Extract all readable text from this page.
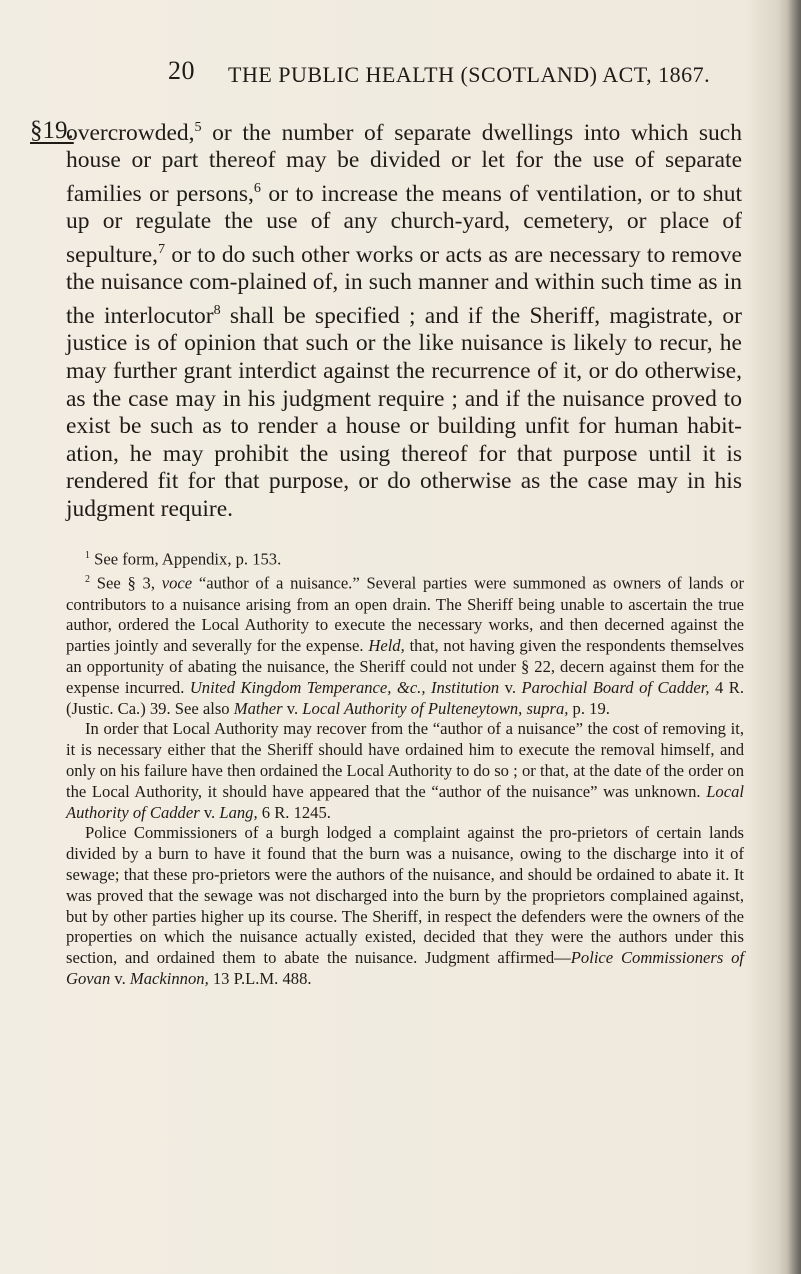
20 THE PUBLIC HEALTH (SCOTLAND) ACT, 1867.
§19.

overcrowded,$^5$ or the number of separate dwellings into which such house or part thereof may be divided or let for the use of separate families or persons,$^6$ or to increase the means of ventilation, or to shut up or regulate the use of any church-yard, cemetery, or place of sepulture,$^7$ or to do such other works or acts as are necessary to remove the nuisance com-plained of, in such manner and within such time as in the interlocutor$^8$ shall be specified ; and if the Sheriff, magistrate, or justice is of opinion that such or the like nuisance is likely to recur, he may further grant interdict against the recurrence of it, or do otherwise, as the case may in his judgment require ; and if the nuisance proved to exist be such as to render a house or building unfit for human habit-ation, he may prohibit the using thereof for that purpose until it is rendered fit for that purpose, or do otherwise as the case may in his judgment require.

$^1$ See form, Appendix, p. 153.

$^2$ See § 3, voce “author of a nuisance.” Several parties were summoned as owners of lands or contributors to a nuisance arising from an open drain. The Sheriff being unable to ascertain the true author, ordered the Local Authority to execute the necessary works, and then decerned against the parties jointly and severally for the expense. Held, that, not having given the respondents themselves an opportunity of abating the nuisance, the Sheriff could not under § 22, decern against them for the expense incurred. United Kingdom Temperance, &c., Institution v. Parochial Board of Cadder, 4 R. (Justic. Ca.) 39. See also Mather v. Local Authority of Pulteneytown, supra, p. 19.

In order that Local Authority may recover from the “author of a nuisance” the cost of removing it, it is necessary either that the Sheriff should have ordained him to execute the removal himself, and only on his failure have then ordained the Local Authority to do so ; or that, at the date of the order on the Local Authority, it should have appeared that the “author of the nuisance” was unknown. Local Authority of Cadder v. Lang, 6 R. 1245.

Police Commissioners of a burgh lodged a complaint against the pro-prietors of certain lands divided by a burn to have it found that the burn was a nuisance, owing to the discharge into it of sewage; that these pro-prietors were the authors of the nuisance, and should be ordained to abate it. It was proved that the sewage was not discharged into the burn by the proprietors complained against, but by other parties higher up its course. The Sheriff, in respect the defenders were the owners of the properties on which the nuisance actually existed, decided that they were the authors under this section, and ordained them to abate the nuisance. Judgment affirmed—Police Commissioners of Govan v. Mackinnon, 13 P.L.M. 488.
